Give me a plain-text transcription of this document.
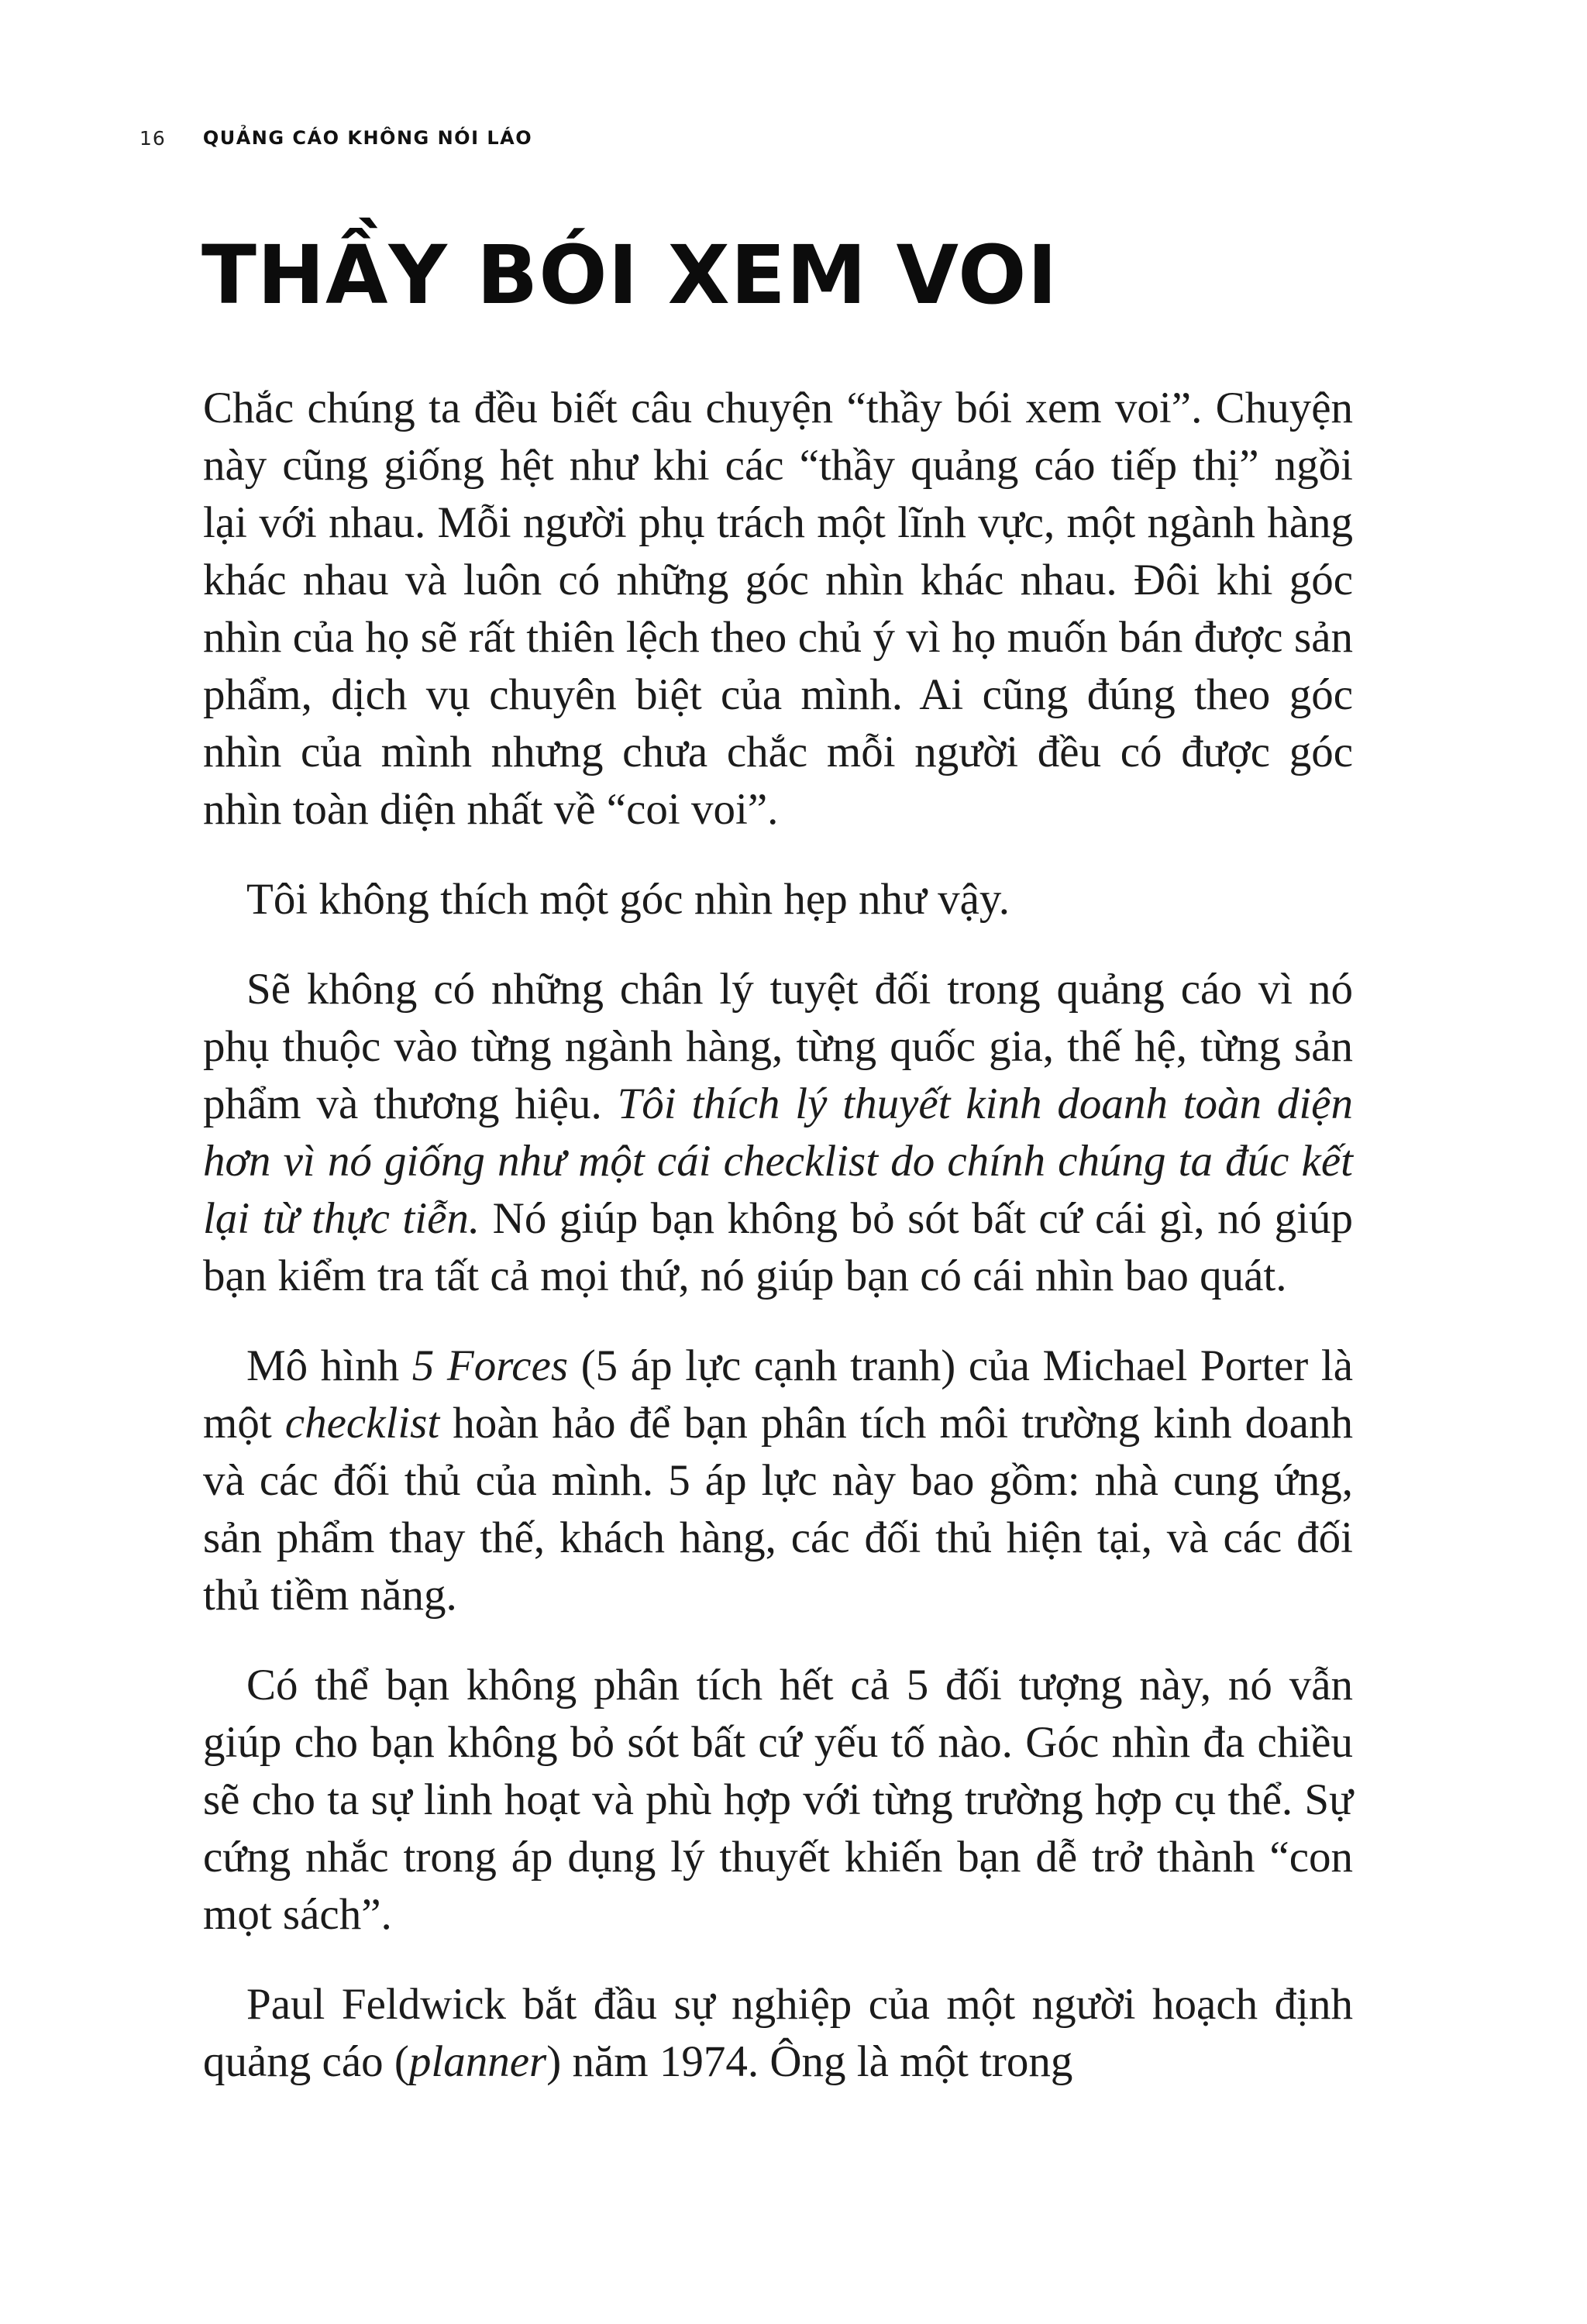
16 QUẢNG CÁO KHÔNG NÓI LÁO
THẦY BÓI XEM VOI

Chắc chúng ta đều biết câu chuyện “thầy bói xem voi”. Chuyện này cũng giống hệt như khi các “thầy quảng cáo tiếp thị” ngồi lại với nhau. Mỗi người phụ trách một lĩnh vực, một ngành hàng khác nhau và luôn có những góc nhìn khác nhau. Đôi khi góc nhìn của họ sẽ rất thiên lệch theo chủ ý vì họ muốn bán được sản phẩm, dịch vụ chuyên biệt của mình. Ai cũng đúng theo góc nhìn của mình nhưng chưa chắc mỗi người đều có được góc nhìn toàn diện nhất về “coi voi”.

Tôi không thích một góc nhìn hẹp như vậy.

Sẽ không có những chân lý tuyệt đối trong quảng cáo vì nó phụ thuộc vào từng ngành hàng, từng quốc gia, thế hệ, từng sản phẩm và thương hiệu. Tôi thích lý thuyết kinh doanh toàn diện hơn vì nó giống như một cái checklist do chính chúng ta đúc kết lại từ thực tiễn. Nó giúp bạn không bỏ sót bất cứ cái gì, nó giúp bạn kiểm tra tất cả mọi thứ, nó giúp bạn có cái nhìn bao quát.

Mô hình 5 Forces (5 áp lực cạnh tranh) của Michael Porter là một checklist hoàn hảo để bạn phân tích môi trường kinh doanh và các đối thủ của mình. 5 áp lực này bao gồm: nhà cung ứng, sản phẩm thay thế, khách hàng, các đối thủ hiện tại, và các đối thủ tiềm năng.

Có thể bạn không phân tích hết cả 5 đối tượng này, nó vẫn giúp cho bạn không bỏ sót bất cứ yếu tố nào. Góc nhìn đa chiều sẽ cho ta sự linh hoạt và phù hợp với từng trường hợp cụ thể. Sự cứng nhắc trong áp dụng lý thuyết khiến bạn dễ trở thành “con mọt sách”.

Paul Feldwick bắt đầu sự nghiệp của một người hoạch định quảng cáo (planner) năm 1974. Ông là một trong
